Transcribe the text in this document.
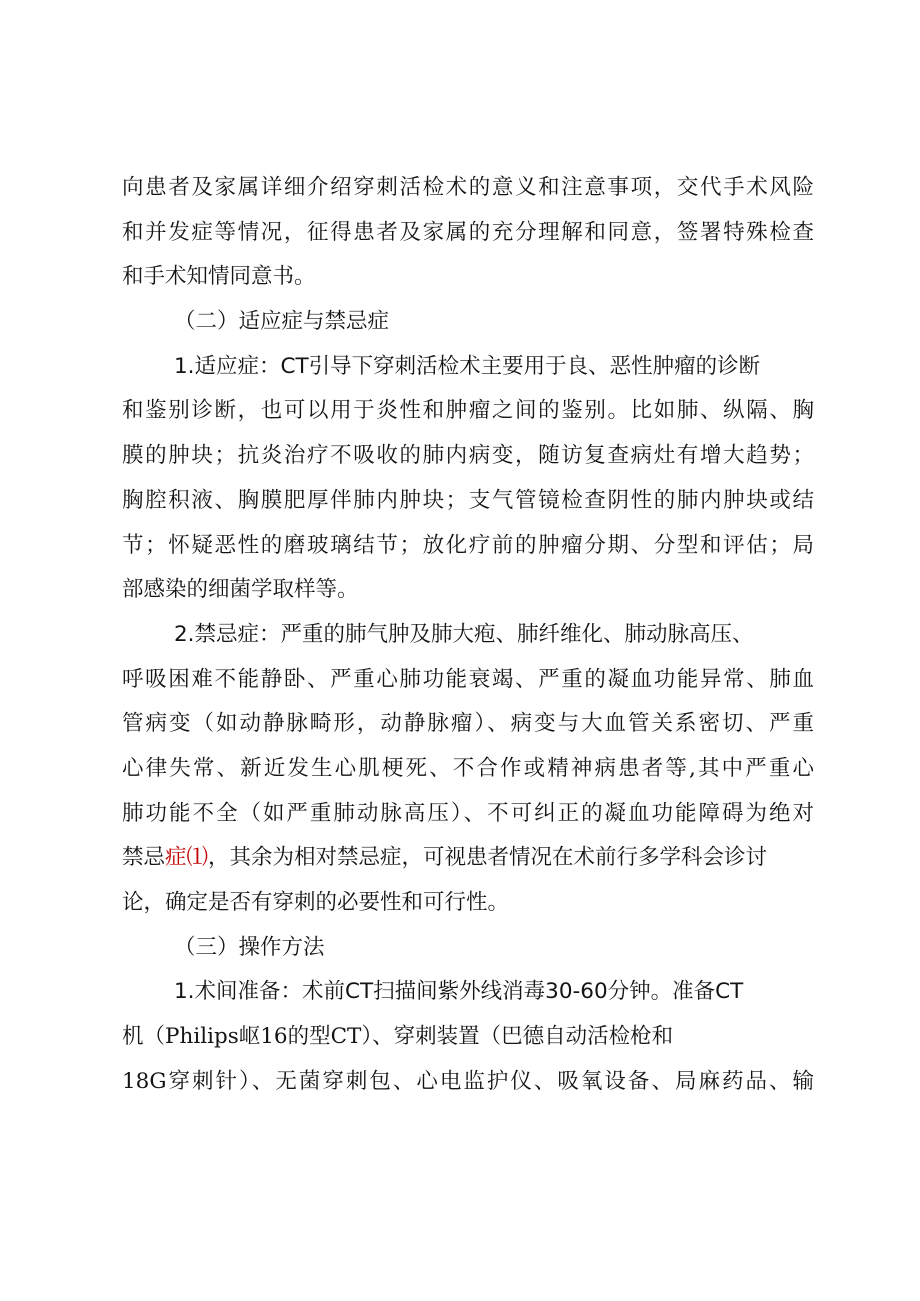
向患者及家属详细介绍穿刺活检术的意义和注意事项，交代手术风险
和并发症等情况，征得患者及家属的充分理解和同意，签署特殊检查
和手术知情同意书。
（二）适应症与禁忌症
1.适应症：CT引导下穿刺活检术主要用于良、恶性肿瘤的诊断
和鉴别诊断，也可以用于炎性和肿瘤之间的鉴别。比如肺、纵隔、胸
膜的肿块；抗炎治疗不吸收的肺内病变，随访复查病灶有增大趋势；
胸腔积液、胸膜肥厚伴肺内肿块；支气管镜检查阴性的肺内肿块或结
节；怀疑恶性的磨玻璃结节；放化疗前的肿瘤分期、分型和评估；局
部感染的细菌学取样等。
2.禁忌症：严重的肺气肿及肺大疱、肺纤维化、肺动脉高压、
呼吸困难不能静卧、严重心肺功能衰竭、严重的凝血功能异常、肺血
管病变（如动静脉畸形，动静脉瘤）、病变与大血管关系密切、严重
心律失常、新近发生心肌梗死、不合作或精神病患者等,其中严重心
肺功能不全（如严重肺动脉高压）、不可纠正的凝血功能障碍为绝对
禁忌症⑴，其余为相对禁忌症，可视患者情况在术前行多学科会诊讨
论，确定是否有穿刺的必要性和可行性。
（三）操作方法
1.术间准备：术前CT扫描间紫外线消毒30-60分钟。准备CT
机（Philips岖16的型CT）、穿刺装置（巴德自动活检枪和
18G穿刺针）、无菌穿刺包、心电监护仪、吸氧设备、局麻药品、输
